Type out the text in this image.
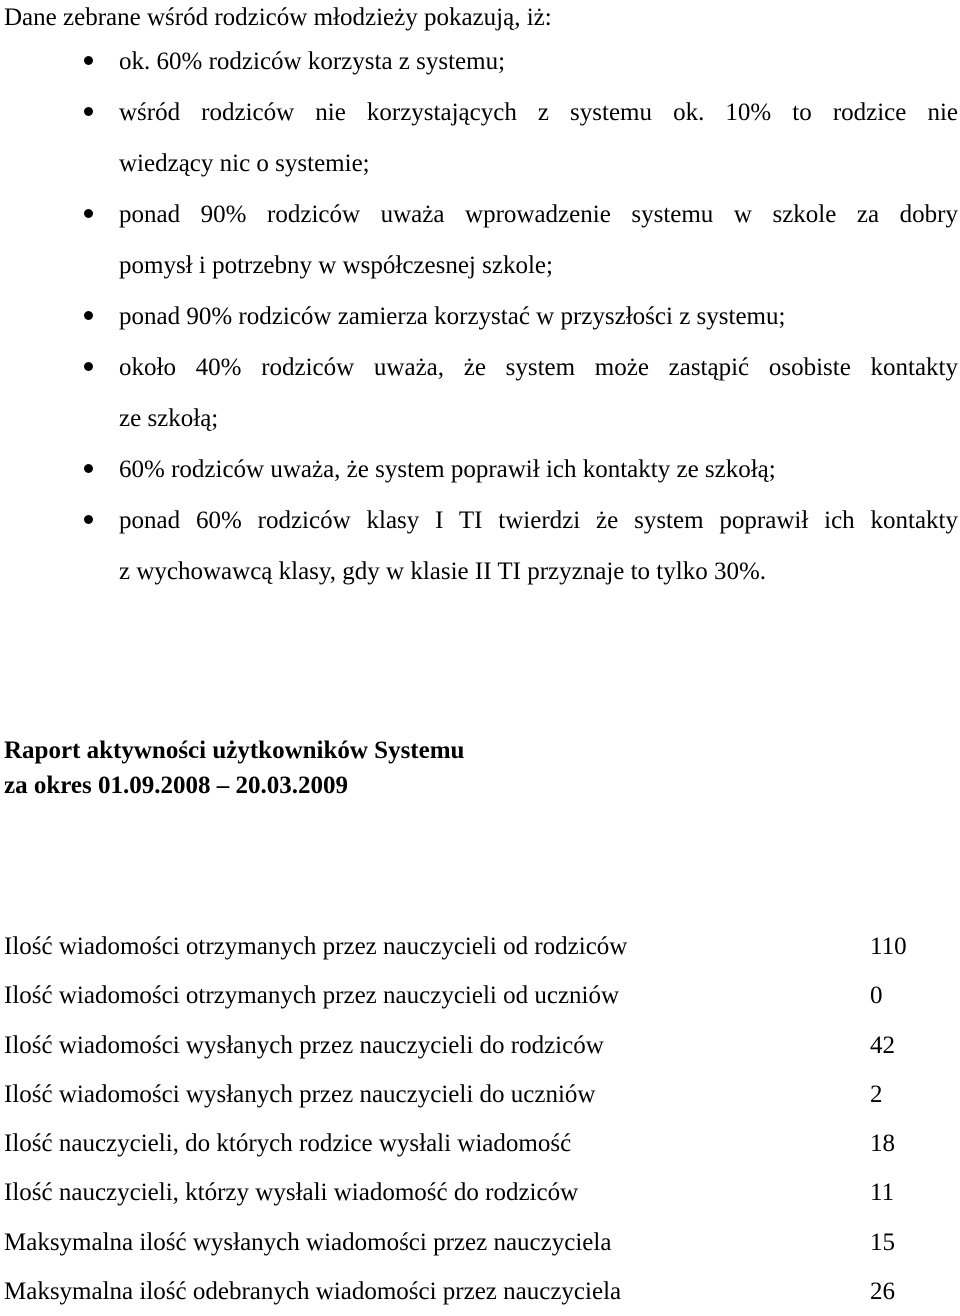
Dane zebrane wśród rodziców młodzieży pokazują, iż:
ok. 60% rodziców korzysta z systemu;
wśród rodziców nie korzystających z systemu ok. 10% to rodzice nie
wiedzący nic o systemie;
ponad 90% rodziców uważa wprowadzenie systemu w szkole za dobry
pomysł i potrzebny w współczesnej szkole;
ponad 90% rodziców zamierza korzystać w przyszłości z systemu;
około 40% rodziców uważa, że system może zastąpić osobiste kontakty
ze szkołą;
60% rodziców uważa, że system poprawił ich kontakty ze szkołą;
ponad 60% rodziców klasy I TI twierdzi że system poprawił ich kontakty
z wychowawcą klasy, gdy w klasie II TI przyznaje to tylko 30%.
Raport aktywności użytkowników Systemu
za okres 01.09.2008 – 20.03.2009
Ilość wiadomości otrzymanych przez nauczycieli od rodziców	110
Ilość wiadomości otrzymanych przez nauczycieli od uczniów	0
Ilość wiadomości wysłanych przez nauczycieli do rodziców	42
Ilość wiadomości wysłanych przez nauczycieli do uczniów	2
Ilość nauczycieli, do których rodzice wysłali wiadomość	18
Ilość nauczycieli, którzy wysłali wiadomość do rodziców	11
Maksymalna ilość wysłanych wiadomości przez nauczyciela	15
Maksymalna ilość odebranych wiadomości przez nauczyciela	26
